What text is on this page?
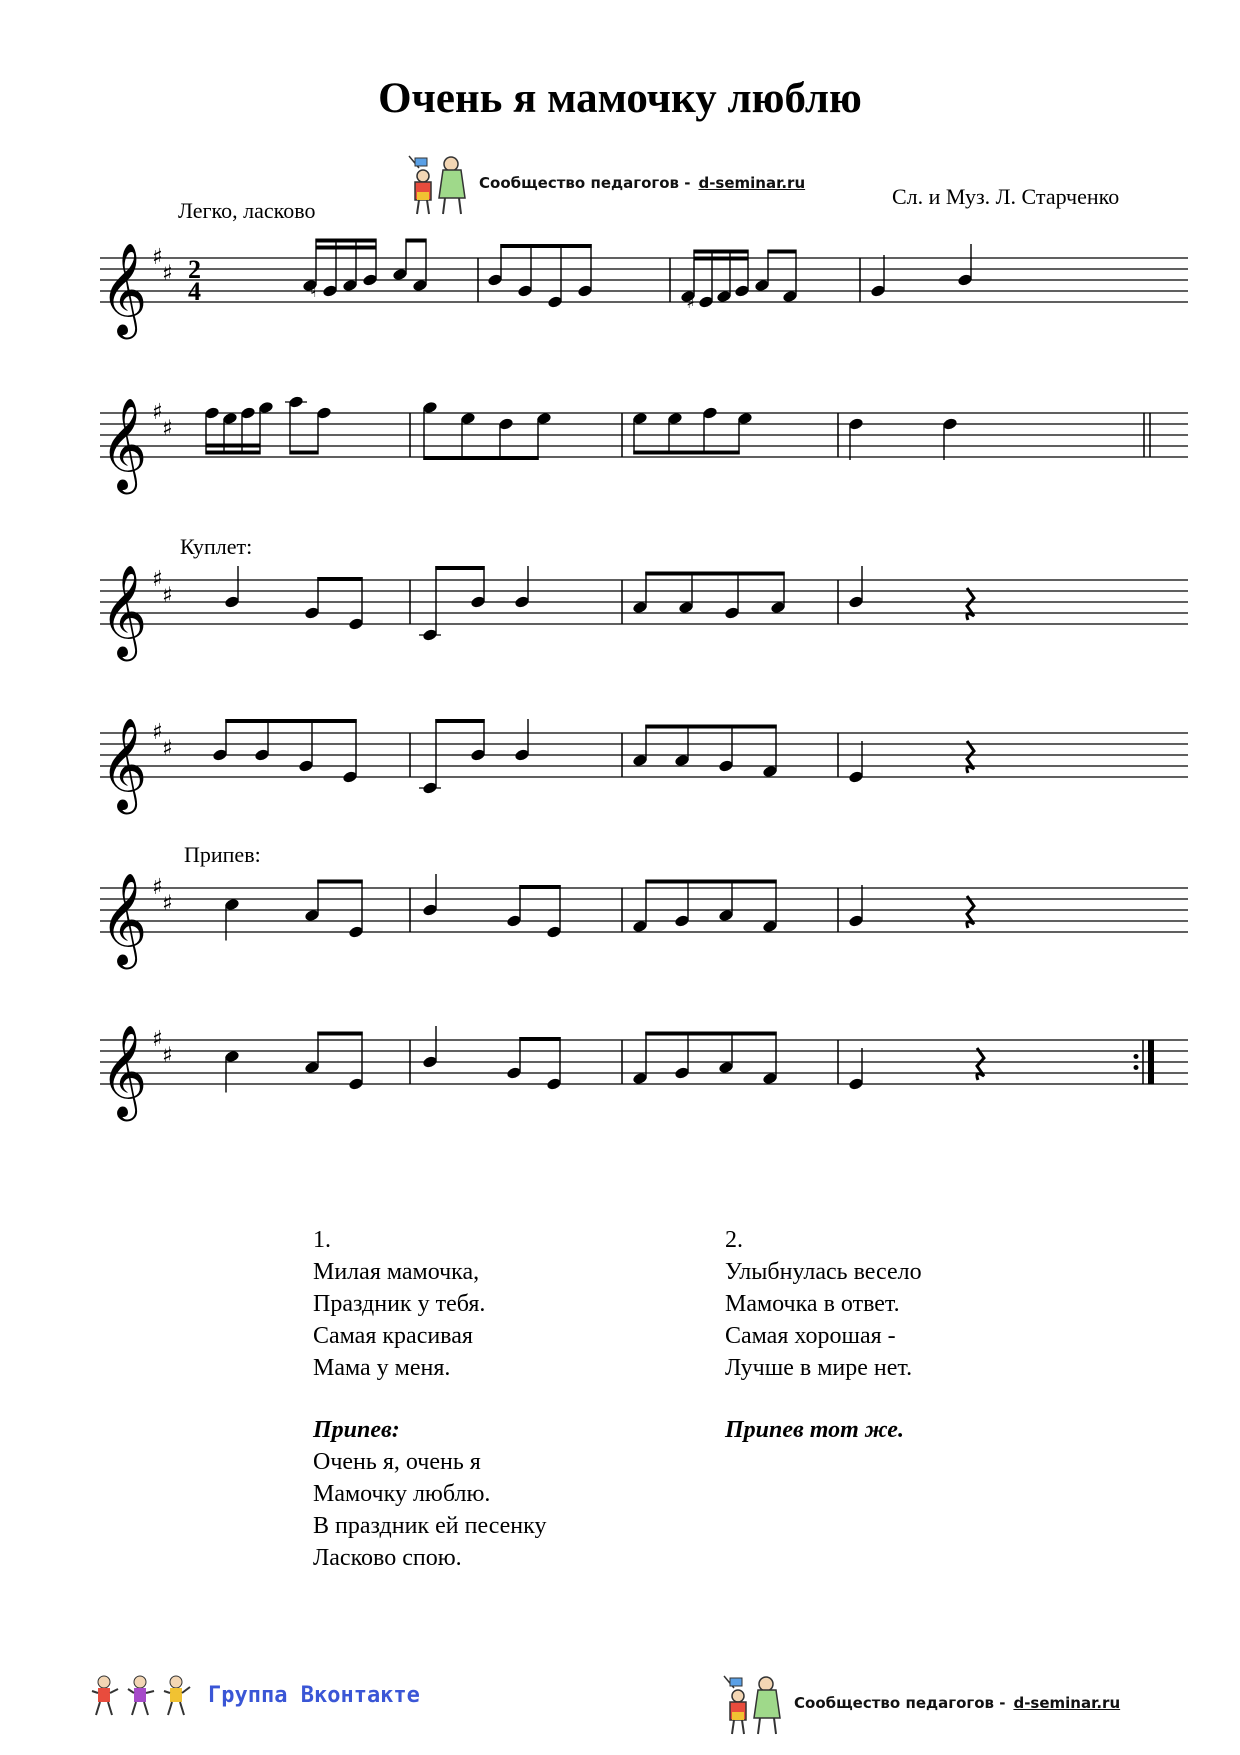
Очень я мамочку люблю
Сообщество педагогов - d-seminar.ru
Легко, ласково
Сл. и Муз. Л. Старченко
Куплет:
Припев:
𝄞 ♯
♯ 2
4	♮	♯
𝄞 ♯
♯
𝄞 ♯
♯
𝄞 ♯
♯
𝄞 ♯
♯
𝄞 ♯
♯
1.
Милая мамочка,
Праздник у тебя.
Самая красивая
Мама у меня.
Припев:
Очень я, очень я
Мамочку люблю.
В праздник ей песенку
Ласково спою.
2.
Улыбнулась весело
Мамочка в ответ.
Самая хорошая -
Лучше в мире нет.
Припев тот же.
Группа Вконтакте	Сообщество педагогов - d-seminar.ru
